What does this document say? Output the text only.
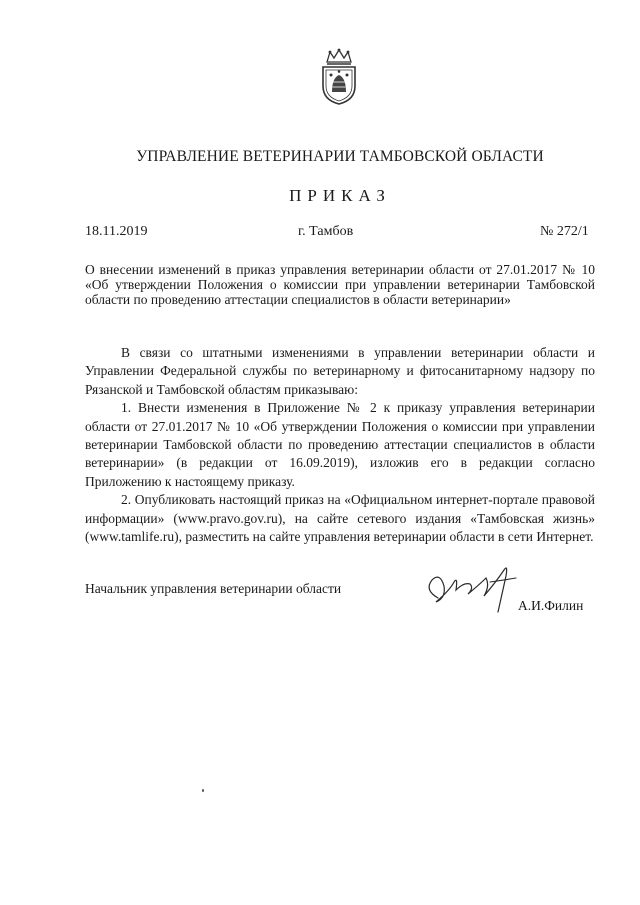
УПРАВЛЕНИЕ ВЕТЕРИНАРИИ ТАМБОВСКОЙ ОБЛАСТИ
ПРИКАЗ
18.11.2019	г. Тамбов	№ 272/1
О внесении изменений в приказ управления ветеринарии области от 27.01.2017 № 10 «Об утверждении Положения о комиссии при управлении ветеринарии Тамбовской области по проведению аттестации специалистов в области ветеринарии»

В связи со штатными изменениями в управлении ветеринарии области и Управлении Федеральной службы по ветеринарному и фитосанитарному надзору по Рязанской и Тамбовской областям приказываю:

1. Внести изменения в Приложение № 2 к приказу управления ветеринарии области от 27.01.2017 № 10 «Об утверждении Положения о комиссии при управлении ветеринарии Тамбовской области по проведению аттестации специалистов в области ветеринарии» (в редакции от 16.09.2019), изложив его в редакции согласно Приложению к настоящему приказу.

2. Опубликовать настоящий приказ на «Официальном интернет-портале правовой информации» (www.pravo.gov.ru), на сайте сетевого издания «Тамбовская жизнь» (www.tamlife.ru), разместить на сайте управления ветеринарии области в сети Интернет.

Начальник управления ветеринарии области
А.И.Филин
